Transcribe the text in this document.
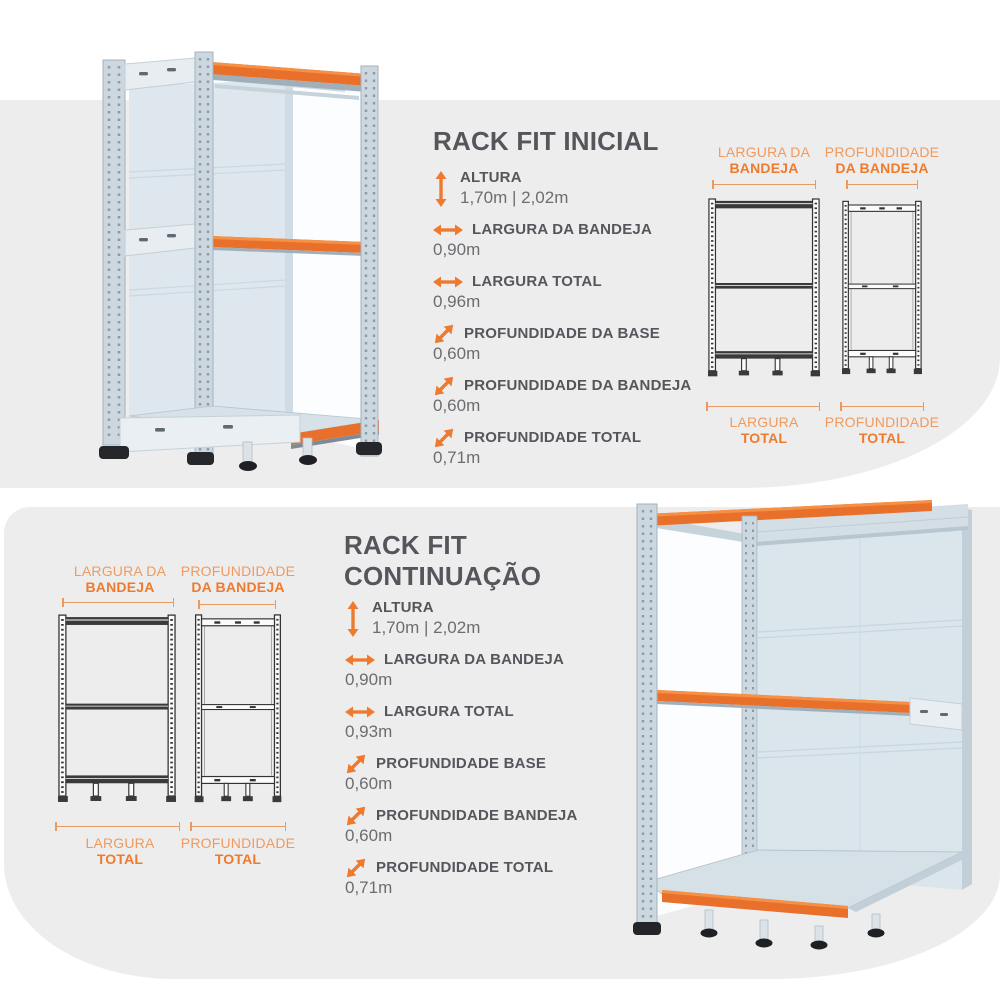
RACK FIT INICIAL
ALTURA
1,70m | 2,02m
LARGURA DA BANDEJA
0,90m
LARGURA TOTAL
0,96m
PROFUNDIDADE DA BASE
0,60m
PROFUNDIDADE DA BANDEJA
0,60m
PROFUNDIDADE TOTAL
0,71m
LARGURA DA
BANDEJA
LARGURA
TOTAL
PROFUNDIDADE
DA BANDEJA
PROFUNDIDADE
TOTAL
LARGURA DA
BANDEJA
LARGURA
TOTAL
PROFUNDIDADE
DA BANDEJA
PROFUNDIDADE
TOTAL
RACK FIT CONTINUAÇÃO
ALTURA
1,70m | 2,02m
LARGURA DA BANDEJA
0,90m
LARGURA TOTAL
0,93m
PROFUNDIDADE BASE
0,60m
PROFUNDIDADE BANDEJA
0,60m
PROFUNDIDADE TOTAL
0,71m
